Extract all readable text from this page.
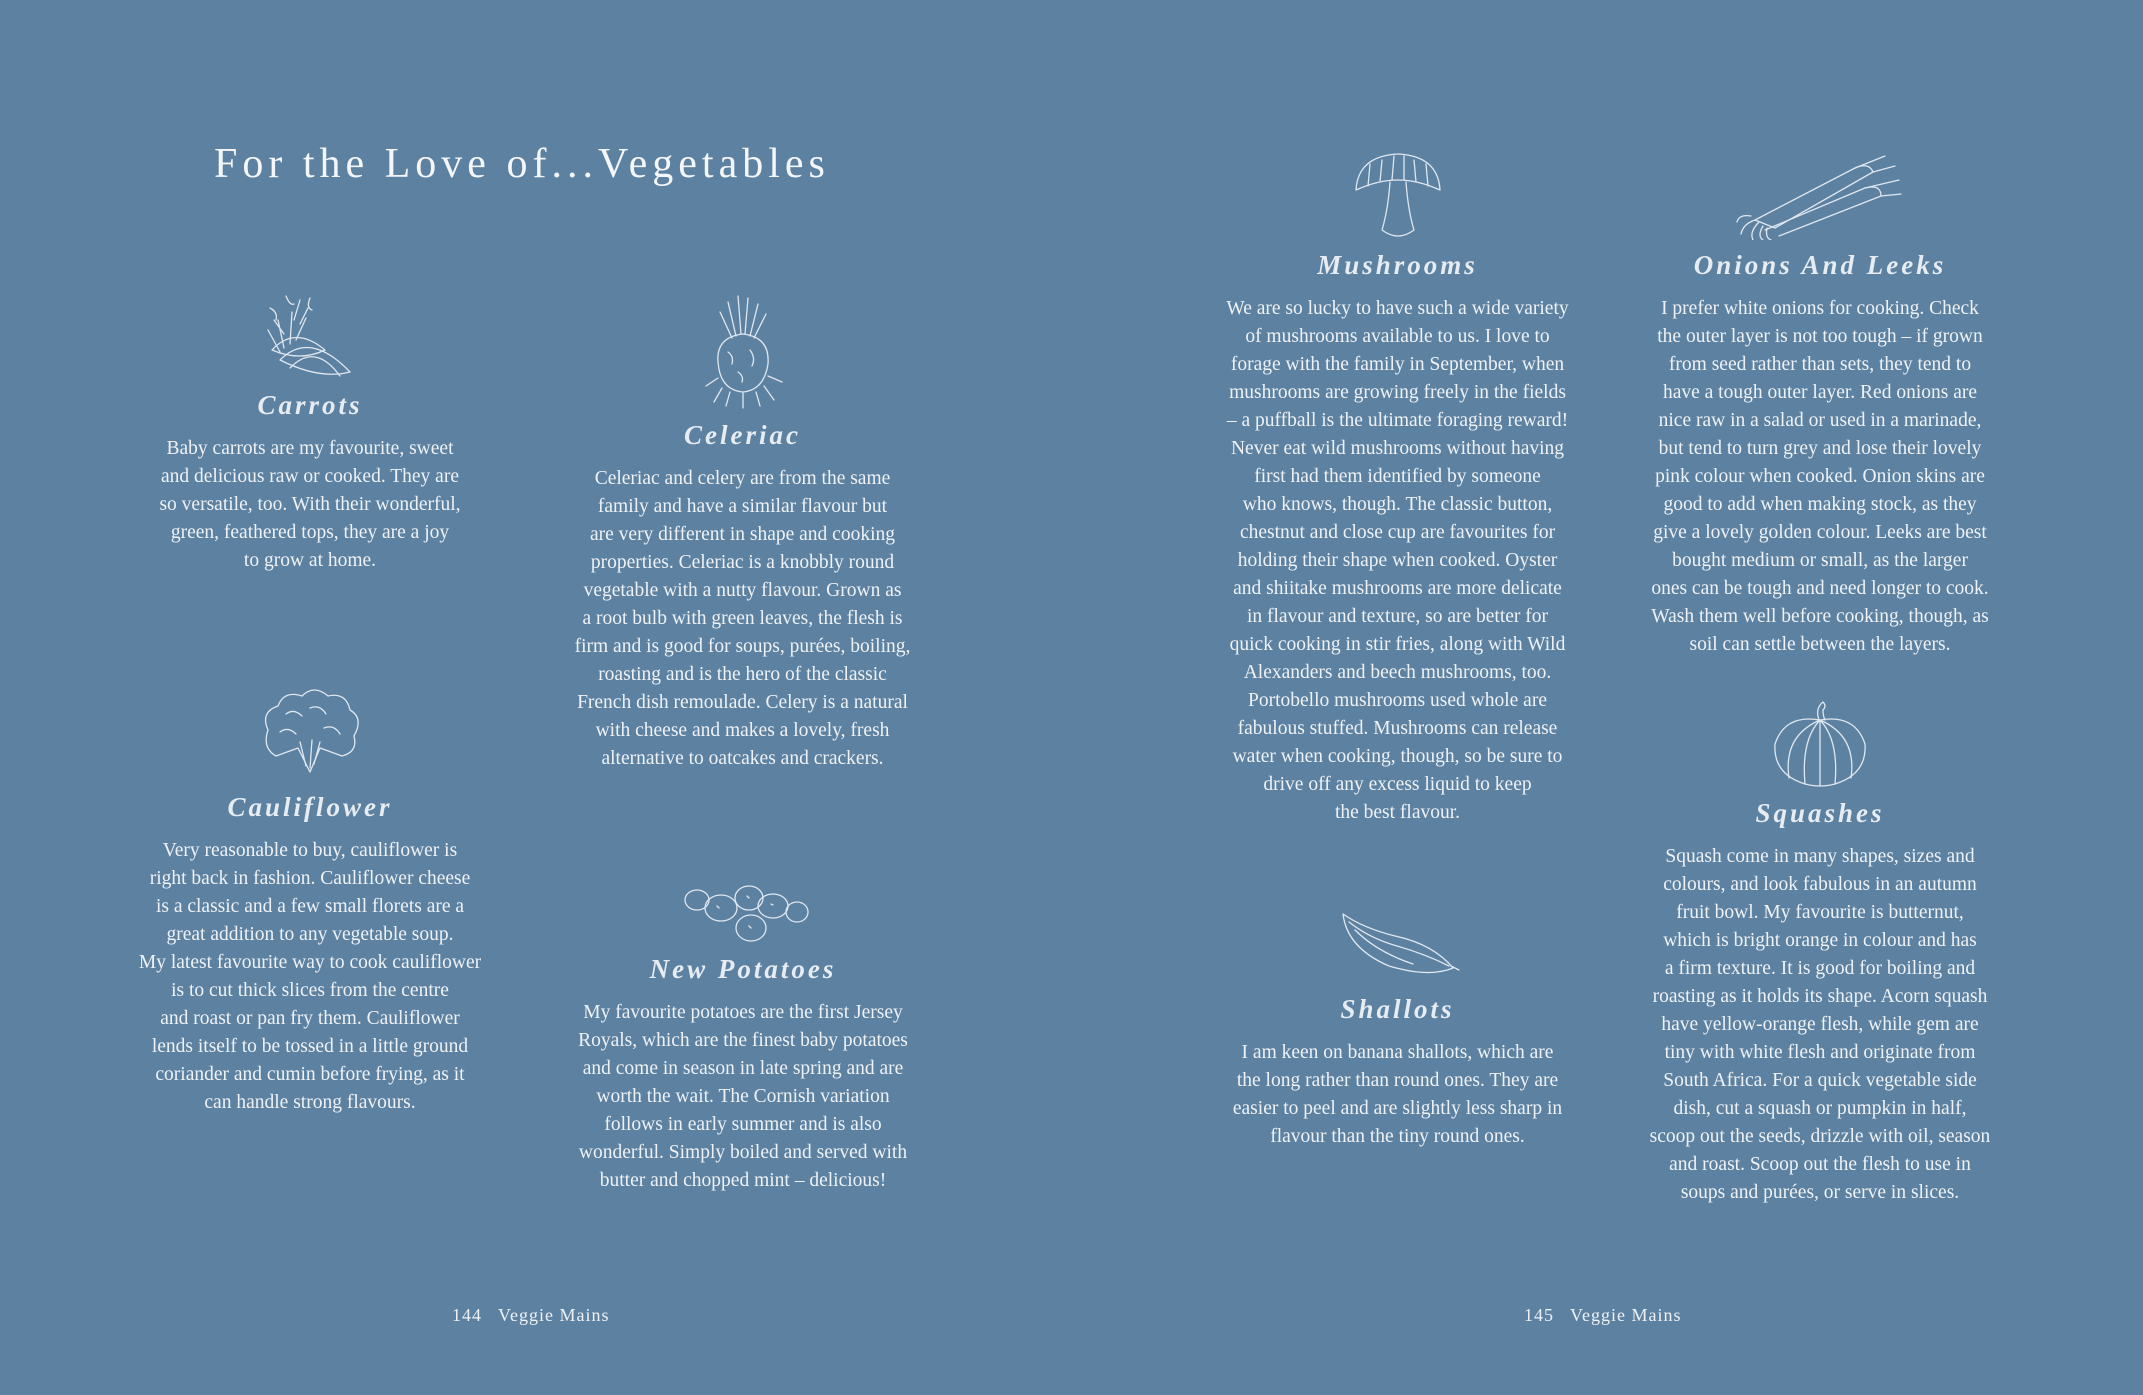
For the Love of...Vegetables
Carrots

Baby carrots are my favourite, sweet
and delicious raw or cooked. They are
so versatile, too. With their wonderful,
green, feathered tops, they are a joy
to grow at home.

Celeriac

Celeriac and celery are from the same
family and have a similar flavour but
are very different in shape and cooking
properties. Celeriac is a knobbly round
vegetable with a nutty flavour. Grown as
a root bulb with green leaves, the flesh is
firm and is good for soups, purées, boiling,
roasting and is the hero of the classic
French dish remoulade. Celery is a natural
with cheese and makes a lovely, fresh
alternative to oatcakes and crackers.

Cauliflower

Very reasonable to buy, cauliflower is
right back in fashion. Cauliflower cheese
is a classic and a few small florets are a
great addition to any vegetable soup.
My latest favourite way to cook cauliflower
is to cut thick slices from the centre
and roast or pan fry them. Cauliflower
lends itself to be tossed in a little ground
coriander and cumin before frying, as it
can handle strong flavours.

New Potatoes

My favourite potatoes are the first Jersey
Royals, which are the finest baby potatoes
and come in season in late spring and are
worth the wait. The Cornish variation
follows in early summer and is also
wonderful. Simply boiled and served with
butter and chopped mint – delicious!

Mushrooms

We are so lucky to have such a wide variety
of mushrooms available to us. I love to
forage with the family in September, when
mushrooms are growing freely in the fields
– a puffball is the ultimate foraging reward!
Never eat wild mushrooms without having
first had them identified by someone
who knows, though. The classic button,
chestnut and close cup are favourites for
holding their shape when cooked. Oyster
and shiitake mushrooms are more delicate
in flavour and texture, so are better for
quick cooking in stir fries, along with Wild
Alexanders and beech mushrooms, too.
Portobello mushrooms used whole are
fabulous stuffed. Mushrooms can release
water when cooking, though, so be sure to
drive off any excess liquid to keep
the best flavour.

Shallots

I am keen on banana shallots, which are
the long rather than round ones. They are
easier to peel and are slightly less sharp in
flavour than the tiny round ones.

Onions And Leeks

I prefer white onions for cooking. Check
the outer layer is not too tough – if grown
from seed rather than sets, they tend to
have a tough outer layer. Red onions are
nice raw in a salad or used in a marinade,
but tend to turn grey and lose their lovely
pink colour when cooked. Onion skins are
good to add when making stock, as they
give a lovely golden colour. Leeks are best
bought medium or small, as the larger
ones can be tough and need longer to cook.
Wash them well before cooking, though, as
soil can settle between the layers.

Squashes

Squash come in many shapes, sizes and
colours, and look fabulous in an autumn
fruit bowl. My favourite is butternut,
which is bright orange in colour and has
a firm texture. It is good for boiling and
roasting as it holds its shape. Acorn squash
have yellow-orange flesh, while gem are
tiny with white flesh and originate from
South Africa. For a quick vegetable side
dish, cut a squash or pumpkin in half,
scoop out the seeds, drizzle with oil, season
and roast. Scoop out the flesh to use in
soups and purées, or serve in slices.

144 Veggie Mains	145 Veggie Mains
